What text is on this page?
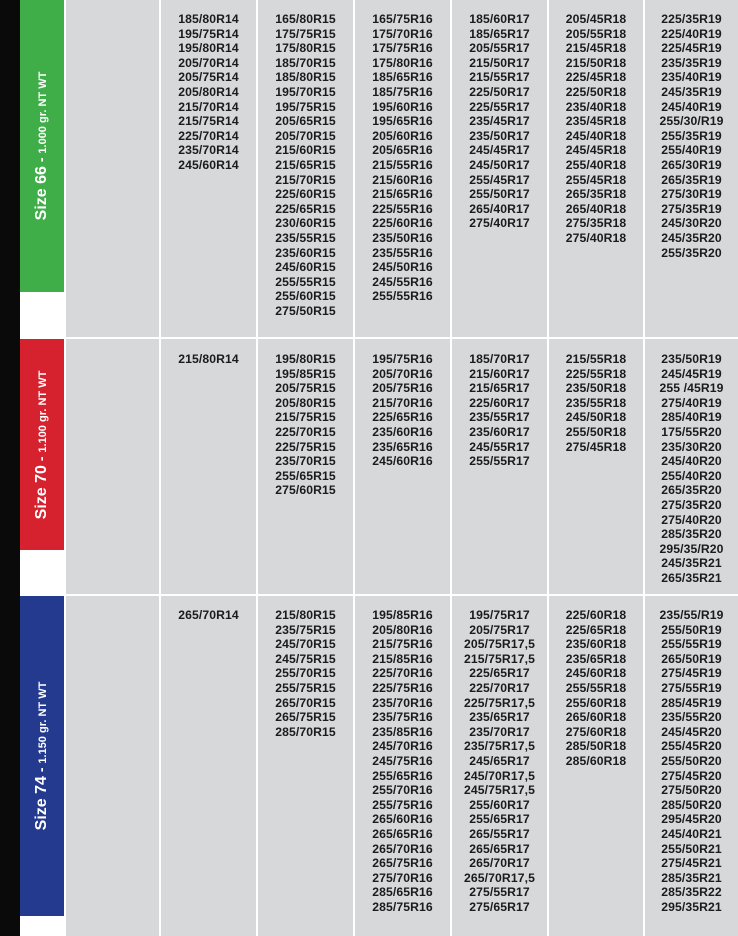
Size 66 - 1.000 gr. NT WT
185/80R14
195/75R14
195/80R14
205/70R14
205/75R14
205/80R14
215/70R14
215/75R14
225/70R14
235/70R14
245/60R14
165/80R15
175/75R15
175/80R15
185/70R15
185/80R15
195/70R15
195/75R15
205/65R15
205/70R15
215/60R15
215/65R15
215/70R15
225/60R15
225/65R15
230/60R15
235/55R15
235/60R15
245/60R15
255/55R15
255/60R15
275/50R15
165/75R16
175/70R16
175/75R16
175/80R16
185/65R16
185/75R16
195/60R16
195/65R16
205/60R16
205/65R16
215/55R16
215/60R16
215/65R16
225/55R16
225/60R16
235/50R16
235/55R16
245/50R16
245/55R16
255/55R16
185/60R17
185/65R17
205/55R17
215/50R17
215/55R17
225/50R17
225/55R17
235/45R17
235/50R17
245/45R17
245/50R17
255/45R17
255/50R17
265/40R17
275/40R17
205/45R18
205/55R18
215/45R18
215/50R18
225/45R18
225/50R18
235/40R18
235/45R18
245/40R18
245/45R18
255/40R18
255/45R18
265/35R18
265/40R18
275/35R18
275/40R18
225/35R19
225/40R19
225/45R19
235/35R19
235/40R19
245/35R19
245/40R19
255/30/R19
255/35R19
255/40R19
265/30R19
265/35R19
275/30R19
275/35R19
245/30R20
245/35R20
255/35R20
Size 70 - 1.100 gr. NT WT
215/80R14	195/80R15
195/85R15
205/75R15
205/80R15
215/75R15
225/70R15
225/75R15
235/70R15
255/65R15
275/60R15
195/75R16
205/70R16
205/75R16
215/70R16
225/65R16
235/60R16
235/65R16
245/60R16
185/70R17
215/60R17
215/65R17
225/60R17
235/55R17
235/60R17
245/55R17
255/55R17
215/55R18
225/55R18
235/50R18
235/55R18
245/50R18
255/50R18
275/45R18
235/50R19
245/45R19
255 /45R19
275/40R19
285/40R19
175/55R20
235/30R20
245/40R20
255/40R20
265/35R20
275/35R20
275/40R20
285/35R20
295/35/R20
245/35R21
265/35R21
Size 74 - 1.150 gr. NT WT
265/70R14	215/80R15
235/75R15
245/70R15
245/75R15
255/70R15
255/75R15
265/70R15
265/75R15
285/70R15
195/85R16
205/80R16
215/75R16
215/85R16
225/70R16
225/75R16
235/70R16
235/75R16
235/85R16
245/70R16
245/75R16
255/65R16
255/70R16
255/75R16
265/60R16
265/65R16
265/70R16
265/75R16
275/70R16
285/65R16
285/75R16
195/75R17
205/75R17
205/75R17,5
215/75R17,5
225/65R17
225/70R17
225/75R17,5
235/65R17
235/70R17
235/75R17,5
245/65R17
245/70R17,5
245/75R17,5
255/60R17
255/65R17
265/55R17
265/65R17
265/70R17
265/70R17,5
275/55R17
275/65R17
225/60R18
225/65R18
235/60R18
235/65R18
245/60R18
255/55R18
255/60R18
265/60R18
275/60R18
285/50R18
285/60R18
235/55/R19
255/50R19
255/55R19
265/50R19
275/45R19
275/55R19
285/45R19
235/55R20
245/45R20
255/45R20
255/50R20
275/45R20
275/50R20
285/50R20
295/45R20
245/40R21
255/50R21
275/45R21
285/35R21
285/35R22
295/35R21
